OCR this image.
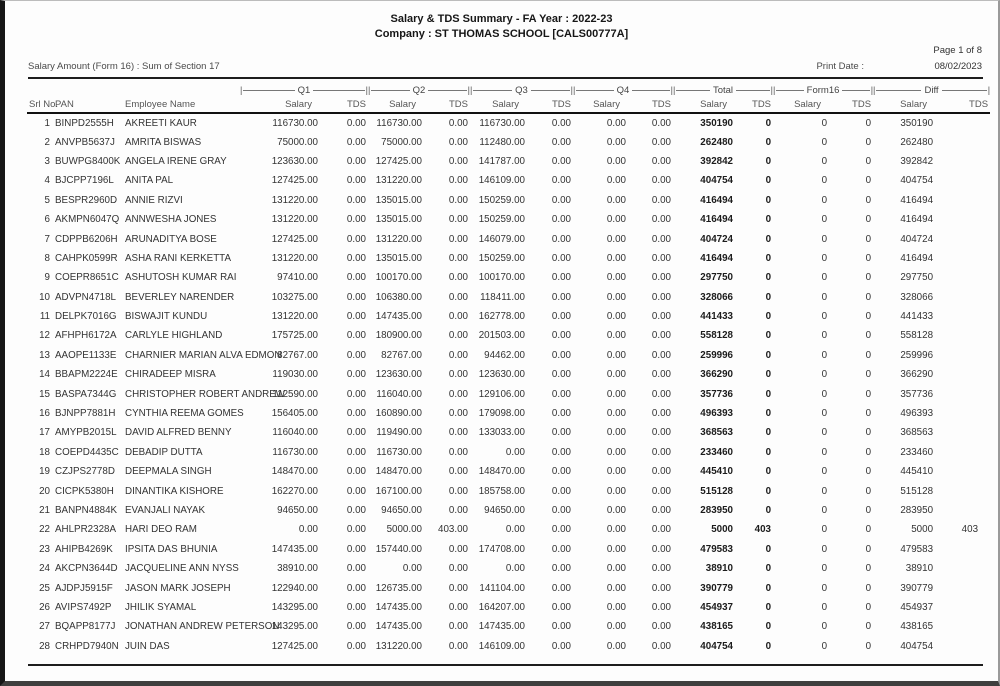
Salary & TDS Summary - FA Year : 2022-23
Company : ST THOMAS SCHOOL [CALS00777A]
Page 1 of 8
Salary Amount (Form 16) : Sum of Section 17	Print Date :	08/02/2023

			| Q1 |		| Q2 |		| Q3 |		| Q4 |		| Total |		| Form16 |		| Diff |	

Srl No.	PAN	Employee Name	Salary	TDS	Salary	TDS	Salary	TDS	Salary	TDS	Salary	TDS	Salary	TDS	Salary	TDS
1	BINPD2555H	AKREETI KAUR	116730.00	0.00	116730.00	0.00	116730.00	0.00	0.00	0.00	350190	0	0	0	350190	
2	ANVPB5637J	AMRITA BISWAS	75000.00	0.00	75000.00	0.00	112480.00	0.00	0.00	0.00	262480	0	0	0	262480	
3	BUWPG8400K	ANGELA IRENE GRAY	123630.00	0.00	127425.00	0.00	141787.00	0.00	0.00	0.00	392842	0	0	0	392842	
4	BJCPP7196L	ANITA PAL	127425.00	0.00	131220.00	0.00	146109.00	0.00	0.00	0.00	404754	0	0	0	404754	
5	BESPR2960D	ANNIE RIZVI	131220.00	0.00	135015.00	0.00	150259.00	0.00	0.00	0.00	416494	0	0	0	416494	
6	AKMPN6047Q	ANNWESHA JONES	131220.00	0.00	135015.00	0.00	150259.00	0.00	0.00	0.00	416494	0	0	0	416494	
7	CDPPB6206H	ARUNADITYA BOSE	127425.00	0.00	131220.00	0.00	146079.00	0.00	0.00	0.00	404724	0	0	0	404724	
8	CAHPK0599R	ASHA RANI KERKETTA	131220.00	0.00	135015.00	0.00	150259.00	0.00	0.00	0.00	416494	0	0	0	416494	
9	COEPR8651C	ASHUTOSH KUMAR RAI	97410.00	0.00	100170.00	0.00	100170.00	0.00	0.00	0.00	297750	0	0	0	297750	
10	ADVPN4718L	BEVERLEY NARENDER	103275.00	0.00	106380.00	0.00	118411.00	0.00	0.00	0.00	328066	0	0	0	328066	
11	DELPK7016G	BISWAJIT KUNDU	131220.00	0.00	147435.00	0.00	162778.00	0.00	0.00	0.00	441433	0	0	0	441433	
12	AFHPH6172A	CARLYLE HIGHLAND	175725.00	0.00	180900.00	0.00	201503.00	0.00	0.00	0.00	558128	0	0	0	558128	
13	AAOPE1133E	CHARNIER MARIAN ALVA EDMON	82767.00	0.00	82767.00	0.00	94462.00	0.00	0.00	0.00	259996	0	0	0	259996	
14	BBAPM2224E	CHIRADEEP MISRA	119030.00	0.00	123630.00	0.00	123630.00	0.00	0.00	0.00	366290	0	0	0	366290	
15	BASPA7344G	CHRISTOPHER ROBERT ANDREW	112590.00	0.00	116040.00	0.00	129106.00	0.00	0.00	0.00	357736	0	0	0	357736	
16	BJNPP7881H	CYNTHIA REEMA GOMES	156405.00	0.00	160890.00	0.00	179098.00	0.00	0.00	0.00	496393	0	0	0	496393	
17	AMYPB2015L	DAVID ALFRED BENNY	116040.00	0.00	119490.00	0.00	133033.00	0.00	0.00	0.00	368563	0	0	0	368563	
18	COEPD4435C	DEBADIP DUTTA	116730.00	0.00	116730.00	0.00	0.00	0.00	0.00	0.00	233460	0	0	0	233460	
19	CZJPS2778D	DEEPMALA SINGH	148470.00	0.00	148470.00	0.00	148470.00	0.00	0.00	0.00	445410	0	0	0	445410	
20	CICPK5380H	DINANTIKA KISHORE	162270.00	0.00	167100.00	0.00	185758.00	0.00	0.00	0.00	515128	0	0	0	515128	
21	BANPN4884K	EVANJALI NAYAK	94650.00	0.00	94650.00	0.00	94650.00	0.00	0.00	0.00	283950	0	0	0	283950	
22	AHLPR2328A	HARI DEO RAM	0.00	0.00	5000.00	403.00	0.00	0.00	0.00	0.00	5000	403	0	0	5000	403
23	AHIPB4269K	IPSITA DAS BHUNIA	147435.00	0.00	157440.00	0.00	174708.00	0.00	0.00	0.00	479583	0	0	0	479583	
24	AKCPN3644D	JACQUELINE ANN NYSS	38910.00	0.00	0.00	0.00	0.00	0.00	0.00	0.00	38910	0	0	0	38910	
25	AJDPJ5915F	JASON MARK JOSEPH	122940.00	0.00	126735.00	0.00	141104.00	0.00	0.00	0.00	390779	0	0	0	390779	
26	AVIPS7492P	JHILIK SYAMAL	143295.00	0.00	147435.00	0.00	164207.00	0.00	0.00	0.00	454937	0	0	0	454937	
27	BQAPP8177J	JONATHAN ANDREW PETERSON	143295.00	0.00	147435.00	0.00	147435.00	0.00	0.00	0.00	438165	0	0	0	438165	
28	CRHPD7940N	JUIN DAS	127425.00	0.00	131220.00	0.00	146109.00	0.00	0.00	0.00	404754	0	0	0	404754	
